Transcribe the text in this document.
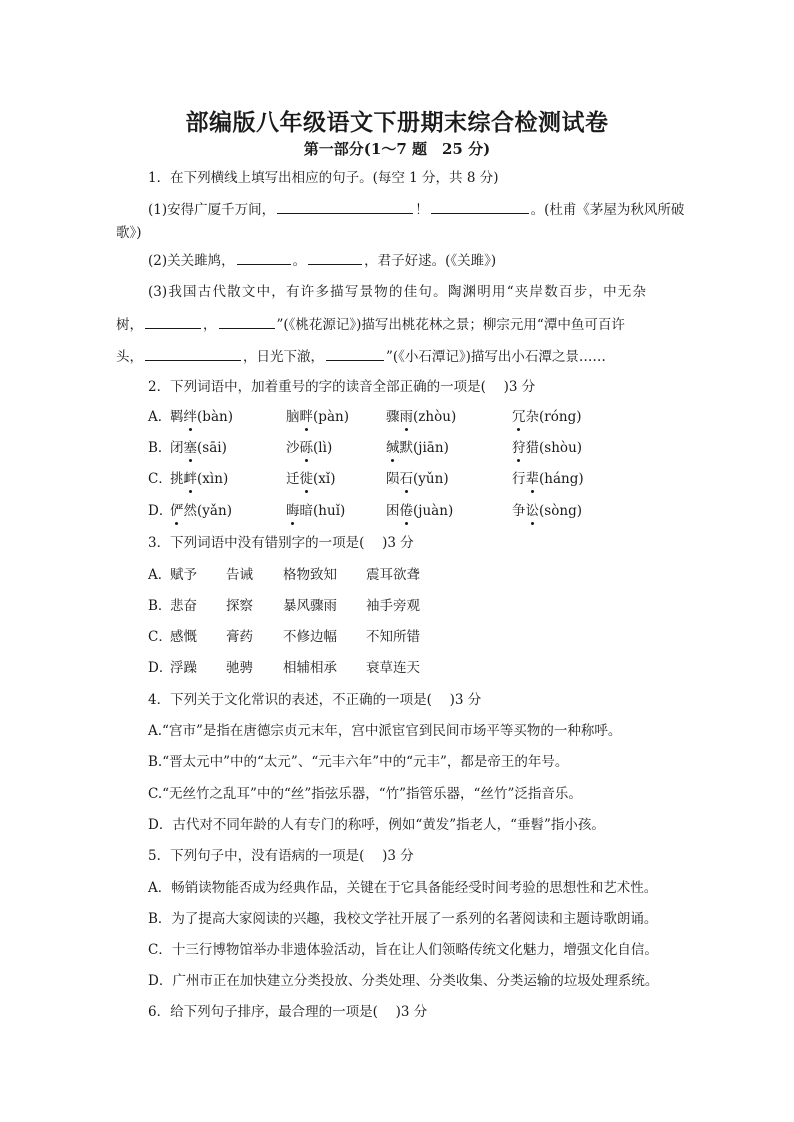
部编版八年级语文下册期末综合检测试卷
第一部分(1～7 题　25 分)
1．在下列横线上填写出相应的句子。(每空 1 分，共 8 分)
(1)安得广厦千万间，	！	。(杜甫《茅屋为秋风所破
歌》)
(2)关关雎鸠，	。	，君子好逑。(《关雎》)
(3)我国古代散文中，有许多描写景物的佳句。陶渊明用“夹岸数百步，中无杂
树，	，	”(《桃花源记》)描写出桃花林之景；柳宗元用“潭中鱼可百许
头，	，日光下澈，	”(《小石潭记》)描写出小石潭之景……
2．下列词语中，加着重号的字的读音全部正确的一项是(　 )3 分
A．
羁绊(bàn)	脑畔(pàn)	骤雨(zhòu)	冗杂(róng)
B．
闭塞(sāi)	沙砾(lì)	缄默(jiān)	狩猎(shòu)
C．
挑衅(xìn)	迁徙(xǐ)	陨石(yǔn)	行辈(háng)
D．
俨然(yǎn)	晦暗(huǐ)	困倦(juàn)	争讼(sòng)
3．下列词语中没有错别字的一项是(　 )3 分
A．
赋予 告诫 格物致知 震耳欲聋
B．
悲奋 探察 暴风骤雨 袖手旁观
C．
感慨 膏药 不修边幅 不知所错
D．
浮躁 驰骋 相辅相承 衰草连天
4．下列关于文化常识的表述，不正确的一项是(　 )3 分
A.“宫市”是指在唐德宗贞元末年，宫中派宦官到民间市场平等买物的一种称呼。
B.“晋太元中”中的“太元”、“元丰六年”中的“元丰”，都是帝王的年号。
C.“无丝竹之乱耳”中的“丝”指弦乐器，“竹”指管乐器，“丝竹”泛指音乐。
D．古代对不同年龄的人有专门的称呼，例如“黄发”指老人，“垂髫”指小孩。
5．下列句子中，没有语病的一项是(　 )3 分
A．畅销读物能否成为经典作品，关键在于它具备能经受时间考验的思想性和艺术性。
B．为了提高大家阅读的兴趣，我校文学社开展了一系列的名著阅读和主题诗歌朗诵。
C．十三行博物馆举办非遗体验活动，旨在让人们领略传统文化魅力，增强文化自信。
D．广州市正在加快建立分类投放、分类处理、分类收集、分类运输的垃圾处理系统。
6．给下列句子排序，最合理的一项是(　 )3 分
